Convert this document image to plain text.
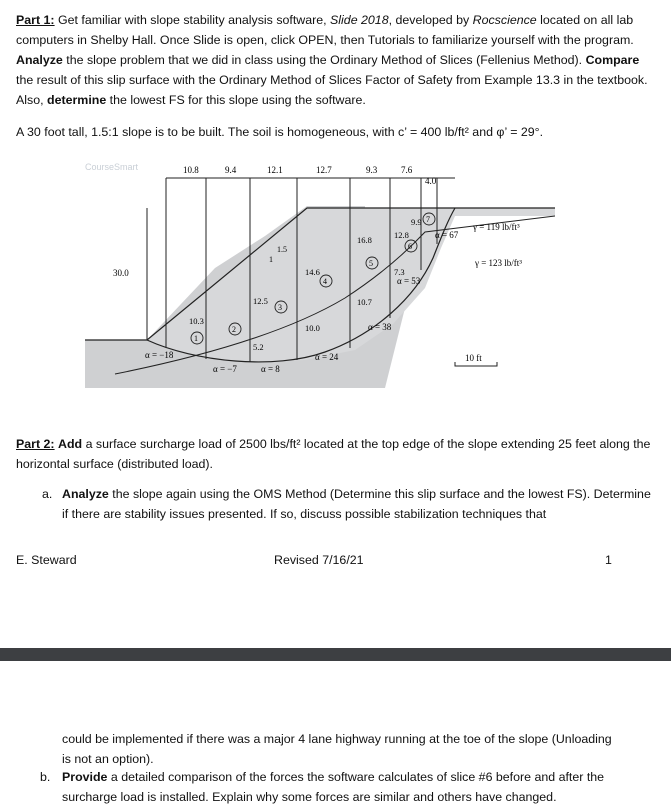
Part 1: Get familiar with slope stability analysis software, Slide 2018, developed by Rocscience located on all lab computers in Shelby Hall. Once Slide is open, click OPEN, then Tutorials to familiarize yourself with the program. Analyze the slope problem that we did in class using the Ordinary Method of Slices (Fellenius Method). Compare the result of this slip surface with the Ordinary Method of Slices Factor of Safety from Example 13.3 in the textbook. Also, determine the lowest FS for this slope using the software.
A 30 foot tall, 1.5:1 slope is to be built. The soil is homogeneous, with c’ = 400 lb/ft² and φ’ = 29°.
CourseSmart	10.8	9.4	12.1	12.7	9.3	7.6
4.0
30.0
1.5
1
10.3
12.5
14.6
16.8	12.8
9.9
5.2
10.0
10.7
7.3
1
2
3
4
5
6
7
α = −18
α = −7	α = 8
α = 24
α = 38
α = 53
α = 67
γ = 119 lb/ft³
γ = 123 lb/ft³
10 ft
Part 2: Add a surface surcharge load of 2500 lbs/ft² located at the top edge of the slope extending 25 feet along the horizontal surface (distributed load).
a. Analyze the slope again using the OMS Method (Determine this slip surface and the lowest FS). Determine if there are stability issues presented. If so, discuss possible stabilization techniques that
E. Steward	Revised 7/16/21	1
could be implemented if there was a major 4 lane highway running at the toe of the slope (Unloading is not an option).
b. Provide a detailed comparison of the forces the software calculates of slice #6 before and after the surcharge load is installed. Explain why some forces are similar and others have changed.
